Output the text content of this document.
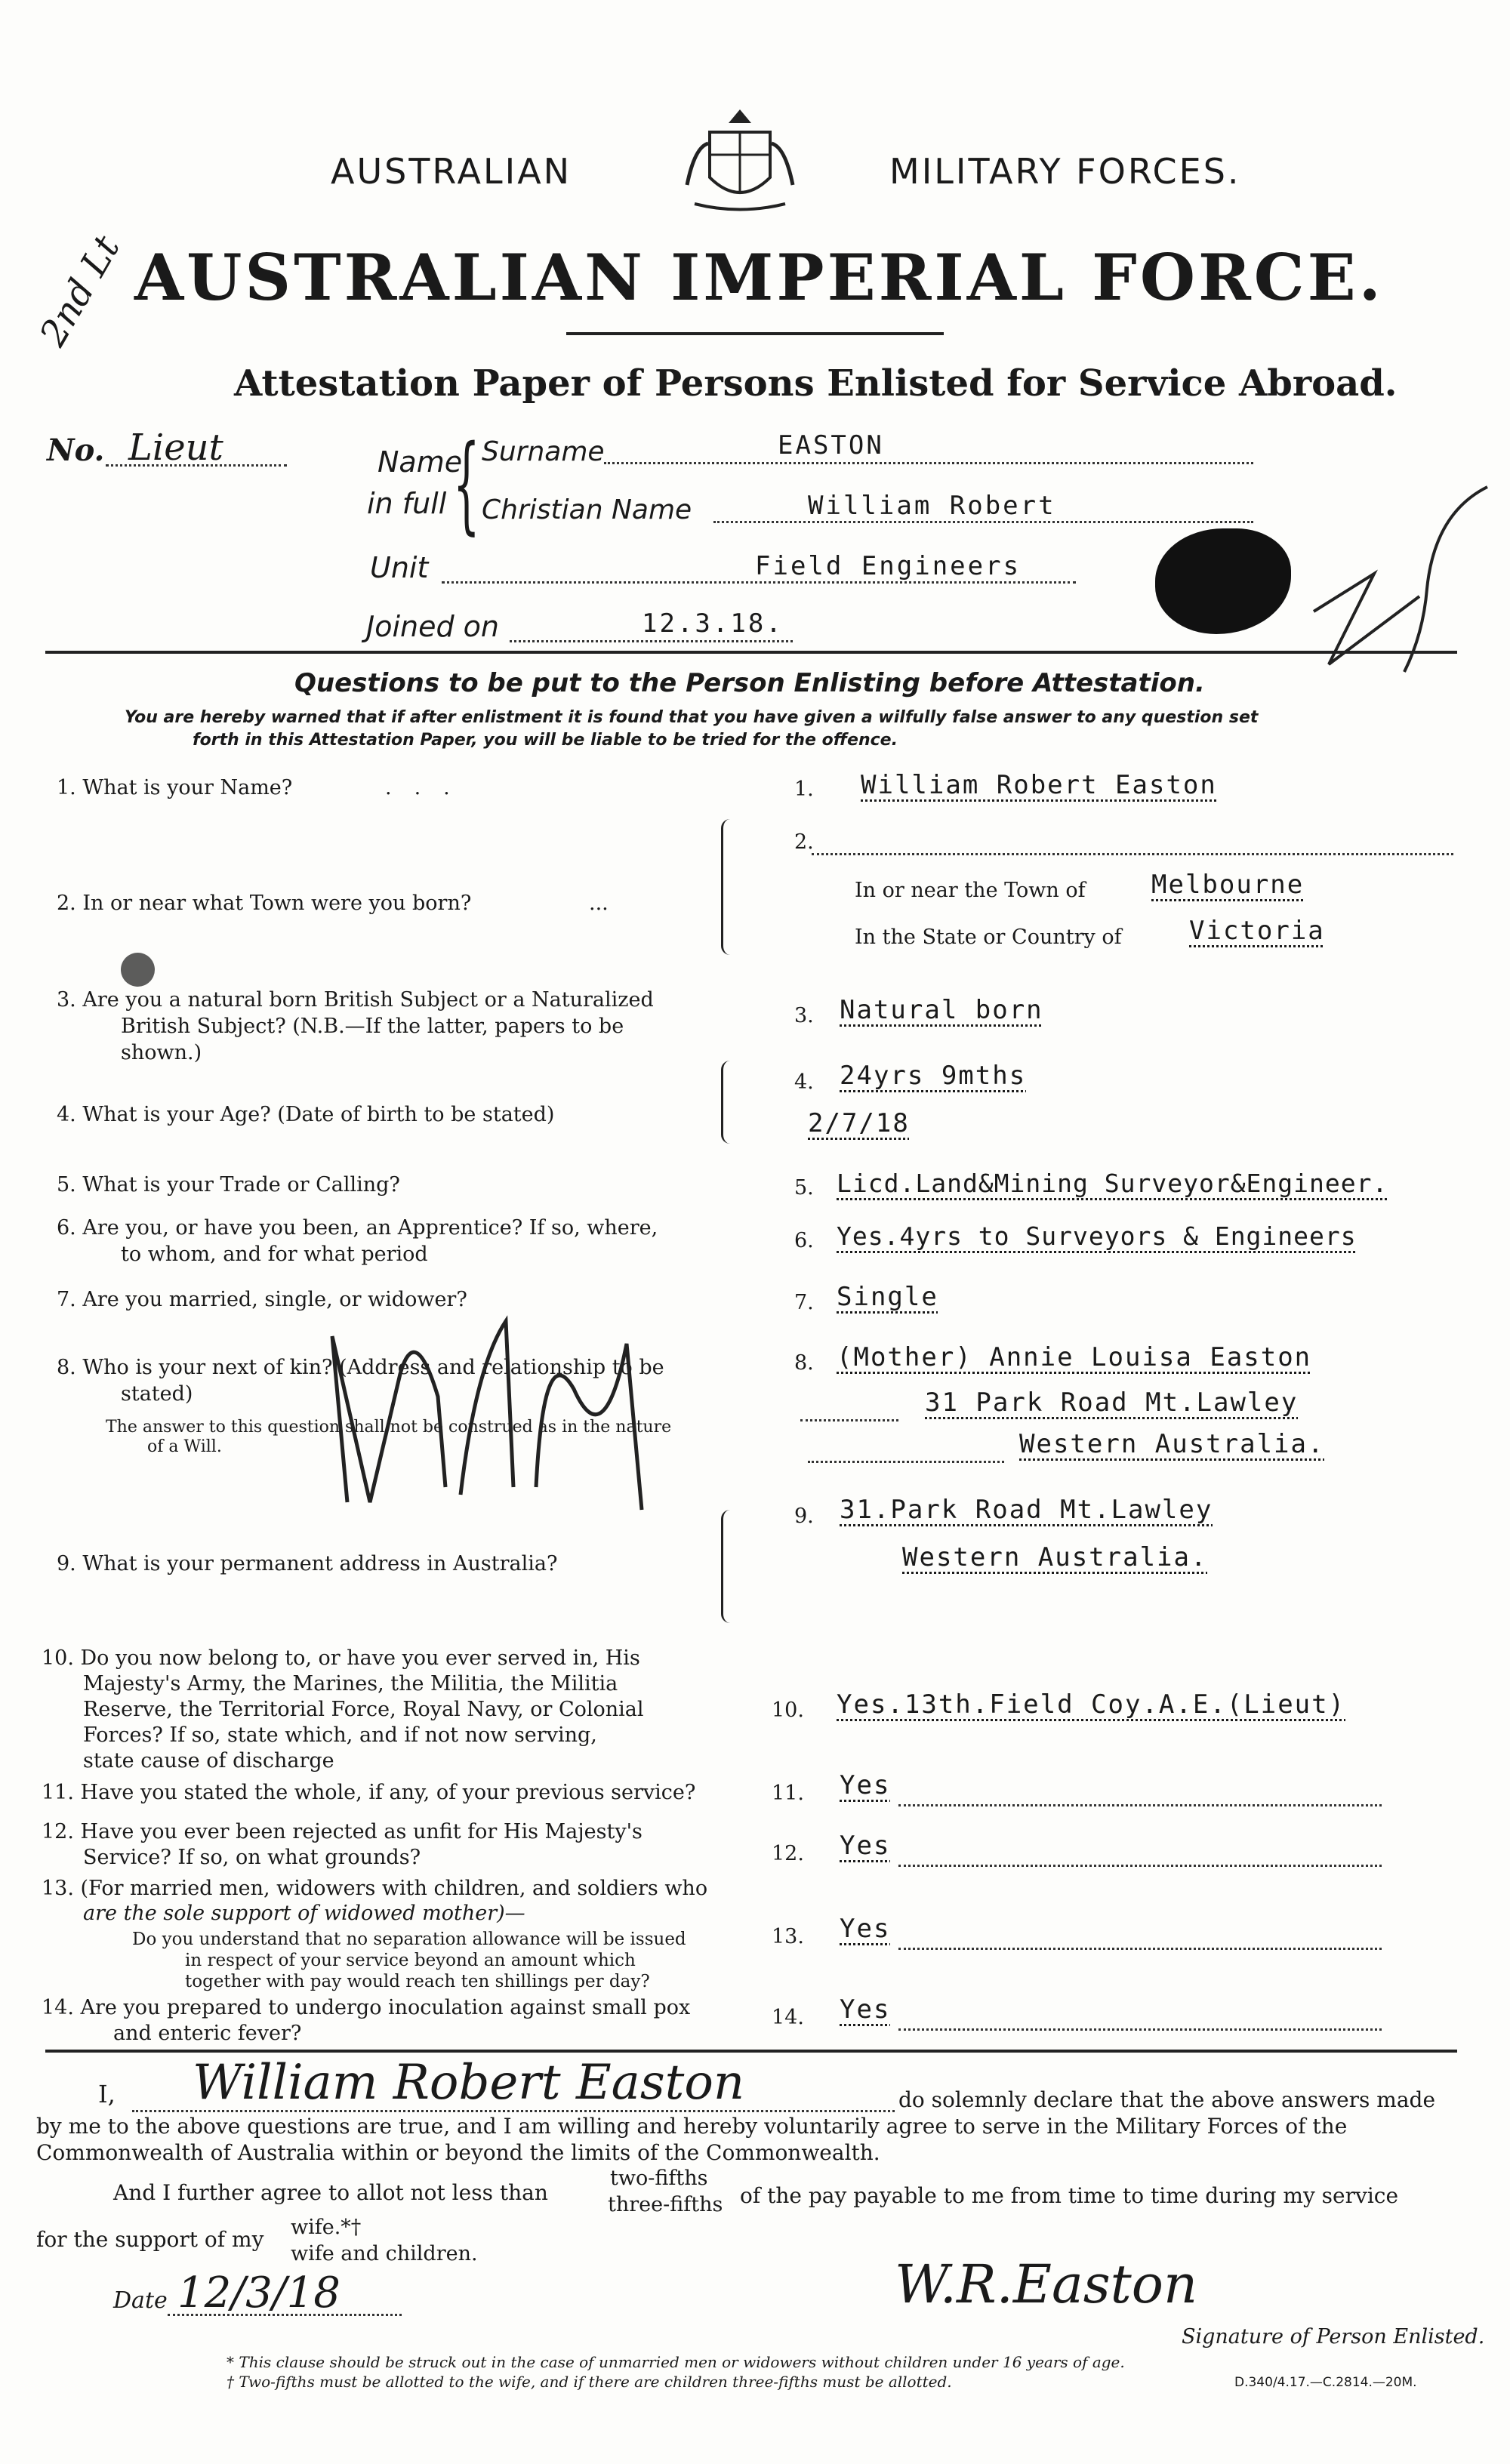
AUSTRALIAN	MILITARY FORCES.
AUSTRALIAN IMPERIAL FORCE.
Attestation Paper of Persons Enlisted for Service Abroad.
2nd Lt
No. Lieut	Name
in full { Surname	EASTON
Christian Name	William Robert
Unit	Field Engineers
Joined on	12.3.18.
Questions to be put to the Person Enlisting before Attestation.
You are hereby warned that if after enlistment it is found that you have given a wilfully false answer to any question set
forth in this Attestation Paper, you will be liable to be tried for the offence.
1. What is your Name?	...	1. William Robert Easton
2. In or near what Town were you born?	...
2.
In or near the Town of	Melbourne
In the State or Country of	Victoria
3. Are you a natural born British Subject or a Naturalized
British Subject? (N.B.—If the latter, papers to be
shown.)
3. Natural born
4. What is your Age? (Date of birth to be stated)
4. 24yrs 9mths
2/7/18
5. What is your Trade or Calling?	5. Licd.Land&Mining Surveyor&Engineer.
6. Are you, or have you been, an Apprentice? If so, where,
to whom, and for what period
6. Yes.4yrs to Surveyors & Engineers
7. Are you married, single, or widower?	7. Single
8. Who is your next of kin? (Address and relationship to be
stated)
The answer to this question shall not be construed as in the nature
of a Will.
8. (Mother) Annie Louisa Easton
31 Park Road Mt.Lawley
Western Australia.
9. What is your permanent address in Australia?
9. 31.Park Road Mt.Lawley
Western Australia.
10. Do you now belong to, or have you ever served in, His
Majesty's Army, the Marines, the Militia, the Militia
Reserve, the Territorial Force, Royal Navy, or Colonial
Forces? If so, state which, and if not now serving,
state cause of discharge
10. Yes.13th.Field Coy.A.E.(Lieut)
11. Have you stated the whole, if any, of your previous service?	11. Yes
12. Have you ever been rejected as unfit for His Majesty's
Service? If so, on what grounds?	12. Yes
13. (For married men, widowers with children, and soldiers who
are the sole support of widowed mother)—
Do you understand that no separation allowance will be issued
in respect of your service beyond an amount which
together with pay would reach ten shillings per day?
13. Yes
14. Are you prepared to undergo inoculation against small pox
and enteric fever?
14. Yes
I, William Robert Easton	do solemnly declare that the above answers made
by me to the above questions are true, and I am willing and hereby voluntarily agree to serve in the Military Forces of the
Commonwealth of Australia within or beyond the limits of the Commonwealth.
And I further agree to allot not less than
two-fifths
three-fifths of the pay payable to me from time to time during my service
for the support of my wife.*†
wife and children.
Date 12/3/18	W.R.Easton
Signature of Person Enlisted.
* This clause should be struck out in the case of unmarried men or widowers without children under 16 years of age.
† Two-fifths must be allotted to the wife, and if there are children three-fifths must be allotted.	D.340/4.17.—C.2814.—20M.
